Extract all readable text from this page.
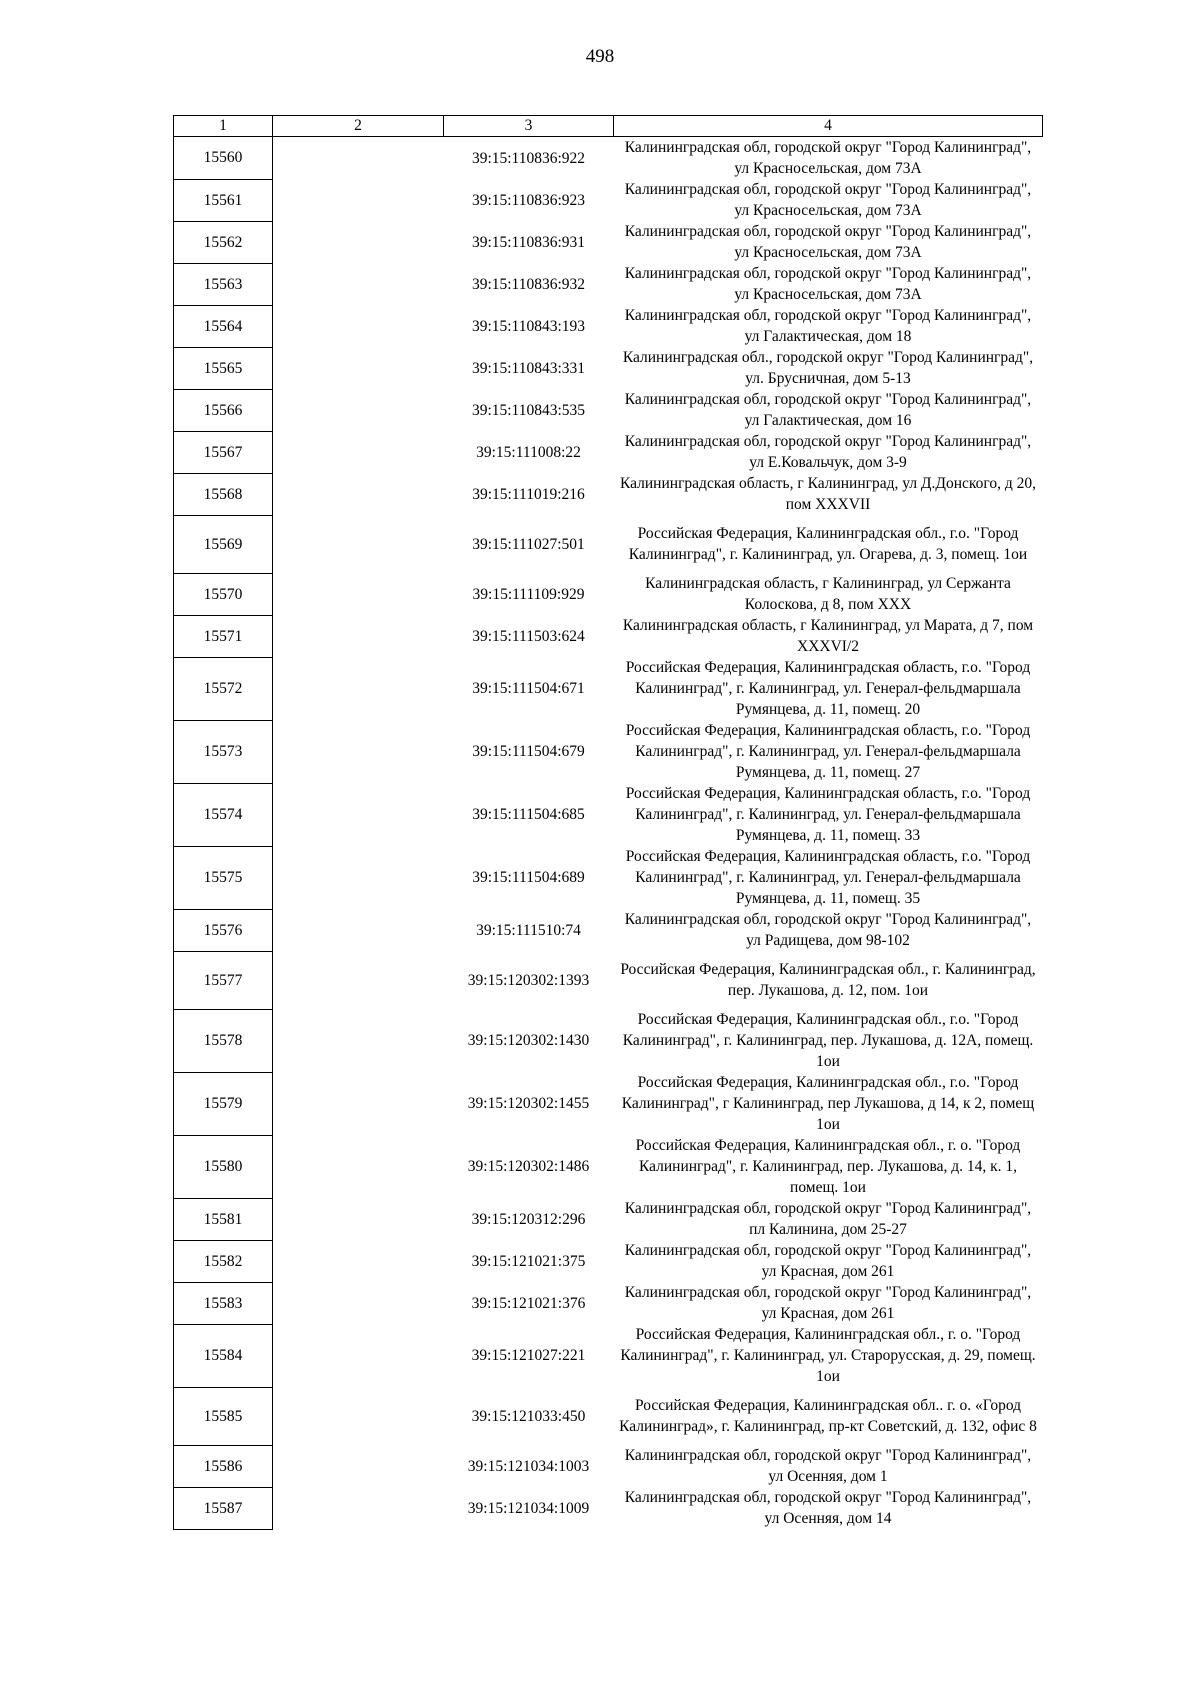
498
1	2	3	4
15560		39:15:110836:922	Калининградская обл, городской округ "Город Калининград", ул Красносельская, дом 73А
15561		39:15:110836:923	Калининградская обл, городской округ "Город Калининград", ул Красносельская, дом 73А
15562		39:15:110836:931	Калининградская обл, городской округ "Город Калининград", ул Красносельская, дом 73А
15563		39:15:110836:932	Калининградская обл, городской округ "Город Калининград", ул Красносельская, дом 73А
15564		39:15:110843:193	Калининградская обл, городской округ "Город Калининград", ул Галактическая, дом 18
15565		39:15:110843:331	Калининградская обл., городской округ "Город Калининград", ул. Брусничная, дом 5-13
15566		39:15:110843:535	Калининградская обл, городской округ "Город Калининград", ул Галактическая, дом 16
15567		39:15:111008:22	Калининградская обл, городской округ "Город Калининград", ул Е.Ковальчук, дом 3-9
15568		39:15:111019:216	Калининградская область, г Калининград, ул Д.Донского, д 20, пом XXXVII
15569		39:15:111027:501	Российская Федерация, Калининградская обл., г.о. "Город Калининград", г. Калининград, ул. Огарева, д. 3, помещ. 1ои
15570		39:15:111109:929	Калининградская область, г Калининград, ул Сержанта Колоскова, д 8, пом XXX
15571		39:15:111503:624	Калининградская область, г Калининград, ул Марата, д 7, пом XXXVI/2
15572		39:15:111504:671	Российская Федерация, Калининградская область, г.о. "Город Калининград", г. Калининград, ул. Генерал-фельдмаршала Румянцева, д. 11, помещ. 20
15573		39:15:111504:679	Российская Федерация, Калининградская область, г.о. "Город Калининград", г. Калининград, ул. Генерал-фельдмаршала Румянцева, д. 11, помещ. 27
15574		39:15:111504:685	Российская Федерация, Калининградская область, г.о. "Город Калининград", г. Калининград, ул. Генерал-фельдмаршала Румянцева, д. 11, помещ. 33
15575		39:15:111504:689	Российская Федерация, Калининградская область, г.о. "Город Калининград", г. Калининград, ул. Генерал-фельдмаршала Румянцева, д. 11, помещ. 35
15576		39:15:111510:74	Калининградская обл, городской округ "Город Калининград", ул Радищева, дом 98-102
15577		39:15:120302:1393	Российская Федерация, Калининградская обл., г. Калининград, пер. Лукашова, д. 12, пом. 1ои
15578		39:15:120302:1430	Российская Федерация, Калининградская обл., г.о. "Город Калининград", г. Калининград, пер. Лукашова, д. 12А, помещ. 1ои
15579		39:15:120302:1455	Российская Федерация, Калининградская обл., г.о. "Город Калининград", г Калининград, пер Лукашова, д 14, к 2, помещ 1ои
15580		39:15:120302:1486	Российская Федерация, Калининградская обл., г. о. "Город Калининград", г. Калининград, пер. Лукашова, д. 14, к. 1, помещ. 1ои
15581		39:15:120312:296	Калининградская обл, городской округ "Город Калининград", пл Калинина, дом 25-27
15582		39:15:121021:375	Калининградская обл, городской округ "Город Калининград", ул Красная, дом 261
15583		39:15:121021:376	Калининградская обл, городской округ "Город Калининград", ул Красная, дом 261
15584		39:15:121027:221	Российская Федерация, Калининградская обл., г. о. "Город Калининград", г. Калининград, ул. Старорусская, д. 29, помещ. 1ои
15585		39:15:121033:450	Российская Федерация, Калининградская обл.. г. о. «Город Калининград», г. Калининград, пр-кт Советский, д. 132, офис 8
15586		39:15:121034:1003	Калининградская обл, городской округ "Город Калининград", ул Осенняя, дом 1
15587		39:15:121034:1009	Калининградская обл, городской округ "Город Калининград", ул Осенняя, дом 14
